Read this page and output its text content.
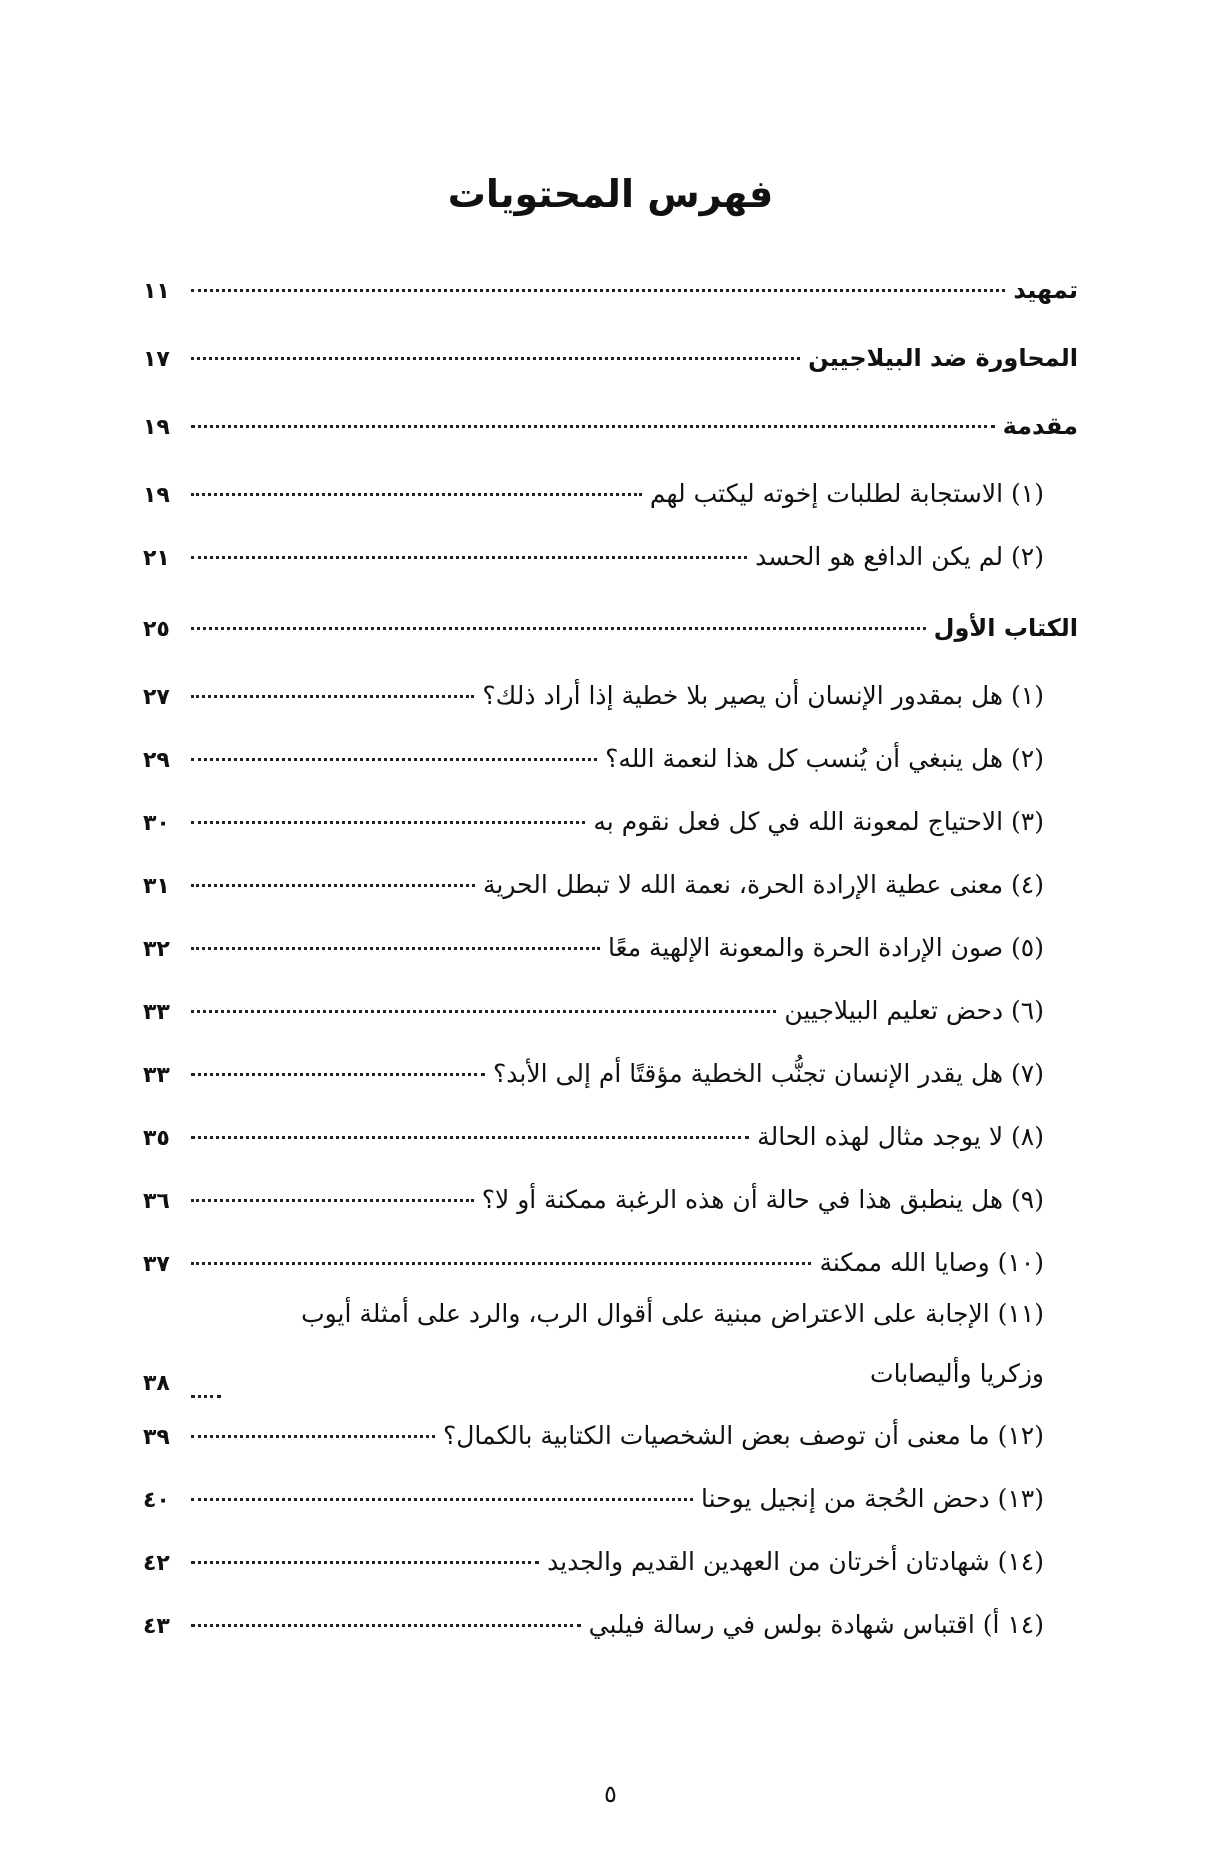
فهرس المحتويات
تمهيد
١١
المحاورة ضد البيلاجيين
١٧
مقدمة
١٩
(١) الاستجابة لطلبات إخوته ليكتب لهم
١٩
(٢) لم يكن الدافع هو الحسد
٢١
الكتاب الأول
٢٥
(١) هل بمقدور الإنسان أن يصير بلا خطية إذا أراد ذلك؟
٢٧
(٢) هل ينبغي أن يُنسب كل هذا لنعمة الله؟
٢٩
(٣) الاحتياج لمعونة الله في كل فعل نقوم به
٣٠
(٤) معنى عطية الإرادة الحرة، نعمة الله لا تبطل الحرية
٣١
(٥) صون الإرادة الحرة والمعونة الإلهية معًا
٣٢
(٦) دحض تعليم البيلاجيين
٣٣
(٧) هل يقدر الإنسان تجنُّب الخطية مؤقتًا أم إلى الأبد؟
٣٣
(٨) لا يوجد مثال لهذه الحالة
٣٥
(٩) هل ينطبق هذا في حالة أن هذه الرغبة ممكنة أو لا؟
٣٦
(١٠) وصايا الله ممكنة
٣٧
(١١) الإجابة على الاعتراض مبنية على أقوال الرب، والرد على أمثلة أيوب وزكريا وأليصابات
٣٨
(١٢) ما معنى أن توصف بعض الشخصيات الكتابية بالكمال؟
٣٩
(١٣) دحض الحُجة من إنجيل يوحنا
٤٠
(١٤) شهادتان أخرتان من العهدين القديم والجديد
٤٢
(١٤ أ) اقتباس شهادة بولس في رسالة فيلبي
٤٣
٥
